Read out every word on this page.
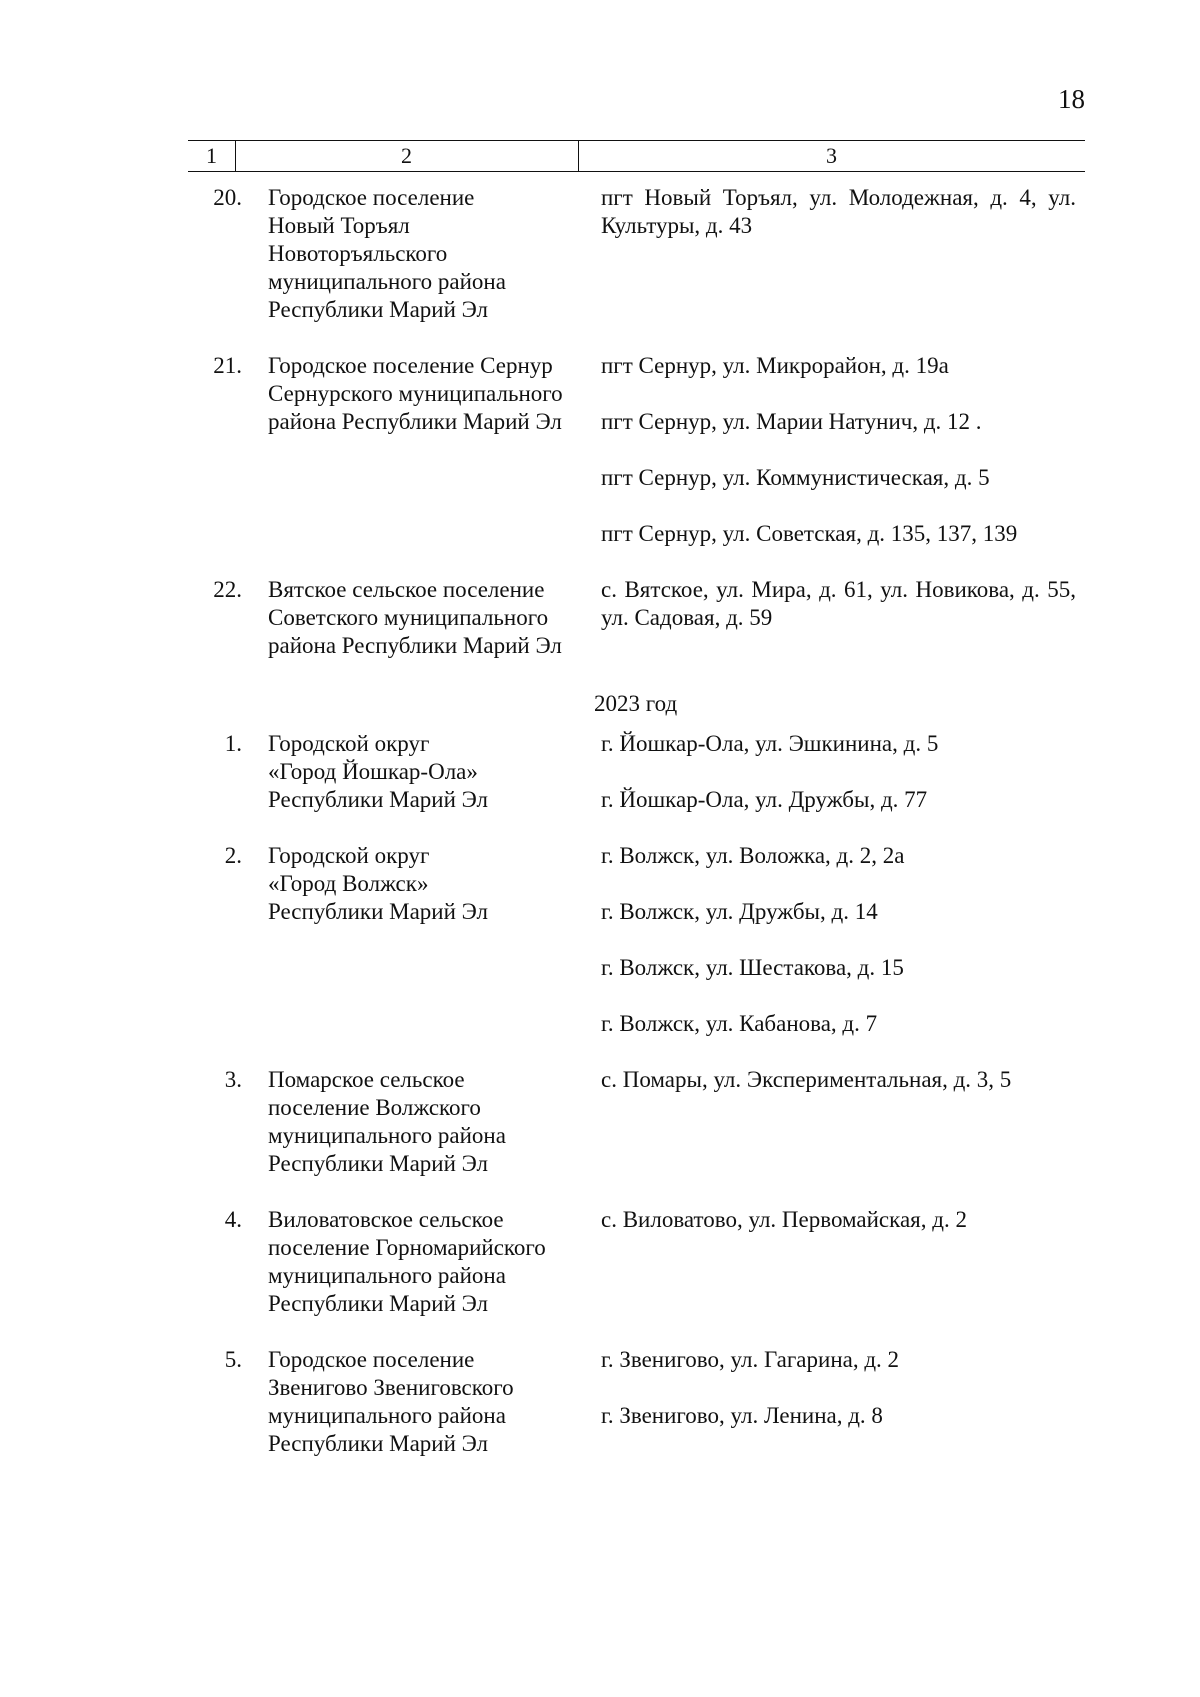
18
1	2	3
20. Городское поселение
Новый Торъял
Новоторъяльского
муниципального района
Республики Марий Эл
пгт Новый Торъял, ул. Молодежная, д. 4, ул. Культуры, д. 43
21. Городское поселение Сернур
Сернурского муниципального
района Республики Марий Эл
пгт Сернур, ул. Микрорайон, д. 19а
пгт Сернур, ул. Марии Натунич, д. 12 .
пгт Сернур, ул. Коммунистическая, д. 5
пгт Сернур, ул. Советская, д. 135, 137, 139
22. Вятское сельское поселение
Советского муниципального
района Республики Марий Эл
с. Вятское, ул. Мира, д. 61, ул. Новикова, д. 55, ул. Садовая, д. 59
2023 год
1. Городской округ
«Город Йошкар-Ола»
Республики Марий Эл
г. Йошкар-Ола, ул. Эшкинина, д. 5
г. Йошкар-Ола, ул. Дружбы, д. 77
2. Городской округ
«Город Волжск»
Республики Марий Эл
г. Волжск, ул. Воложка, д. 2, 2а
г. Волжск, ул. Дружбы, д. 14
г. Волжск, ул. Шестакова, д. 15
г. Волжск, ул. Кабанова, д. 7
3. Помарское сельское
поселение Волжского
муниципального района
Республики Марий Эл
с. Помары, ул. Экспериментальная, д. 3, 5
4. Виловатовское сельское
поселение Горномарийского
муниципального района
Республики Марий Эл
с. Виловатово, ул. Первомайская, д. 2
5. Городское поселение
Звенигово Звениговского
муниципального района
Республики Марий Эл
г. Звенигово, ул. Гагарина, д. 2
г. Звенигово, ул. Ленина, д. 8
